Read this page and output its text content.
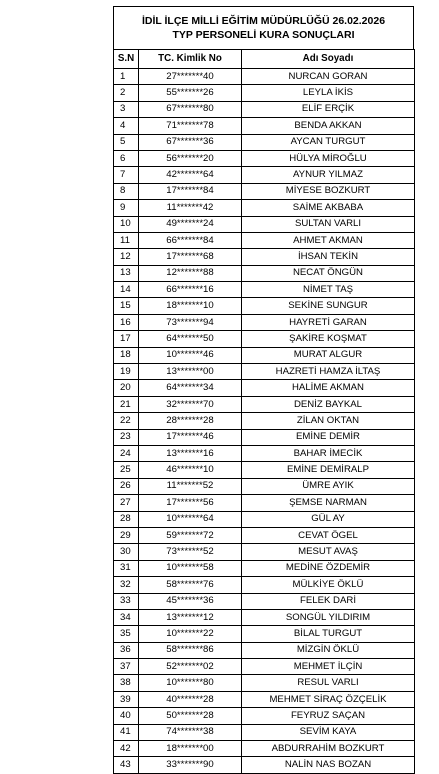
İDİL İLÇE MİLLİ EĞİTİM MÜDÜRLÜĞÜ 26.02.2026
TYP PERSONELİ KURA SONUÇLARI
S.N	TC. Kimlik No	Adı Soyadı
1	27*******40	NURCAN GORAN
2	55*******26	LEYLA İKİS
3	67*******80	ELİF ERÇİK
4	71*******78	BENDA AKKAN
5	67*******36	AYCAN TURGUT
6	56*******20	HÜLYA MİROĞLU
7	42*******64	AYNUR YILMAZ
8	17*******84	MİYESE BOZKURT
9	11*******42	SAİME AKBABA
10	49*******24	SULTAN VARLI
11	66*******84	AHMET AKMAN
12	17*******68	İHSAN TEKİN
13	12*******88	NECAT ÖNGÜN
14	66*******16	NİMET TAŞ
15	18*******10	SEKİNE SUNGUR
16	73*******94	HAYRETİ GARAN
17	64*******50	ŞAKİRE KOŞMAT
18	10*******46	MURAT ALGUR
19	13*******00	HAZRETİ HAMZA İLTAŞ
20	64*******34	HALİME AKMAN
21	32*******70	DENİZ BAYKAL
22	28*******28	ZİLAN OKTAN
23	17*******46	EMİNE DEMİR
24	13*******16	BAHAR İMECİK
25	46*******10	EMİNE DEMİRALP
26	11*******52	ÜMRE AYIK
27	17*******56	ŞEMSE NARMAN
28	10*******64	GÜL AY
29	59*******72	CEVAT ÖGEL
30	73*******52	MESUT AVAŞ
31	10*******58	MEDİNE ÖZDEMİR
32	58*******76	MÜLKİYE ÖKLÜ
33	45*******36	FELEK DARİ
34	13*******12	SONGÜL YILDIRIM
35	10*******22	BİLAL TURGUT
36	58*******86	MİZGİN ÖKLÜ
37	52*******02	MEHMET İLÇİN
38	10*******80	RESUL VARLI
39	40*******28	MEHMET SİRAÇ ÖZÇELİK
40	50*******28	FEYRUZ SAÇAN
41	74*******38	SEVİM KAYA
42	18*******00	ABDURRAHİM BOZKURT
43	33*******90	NALİN NAS BOZAN
